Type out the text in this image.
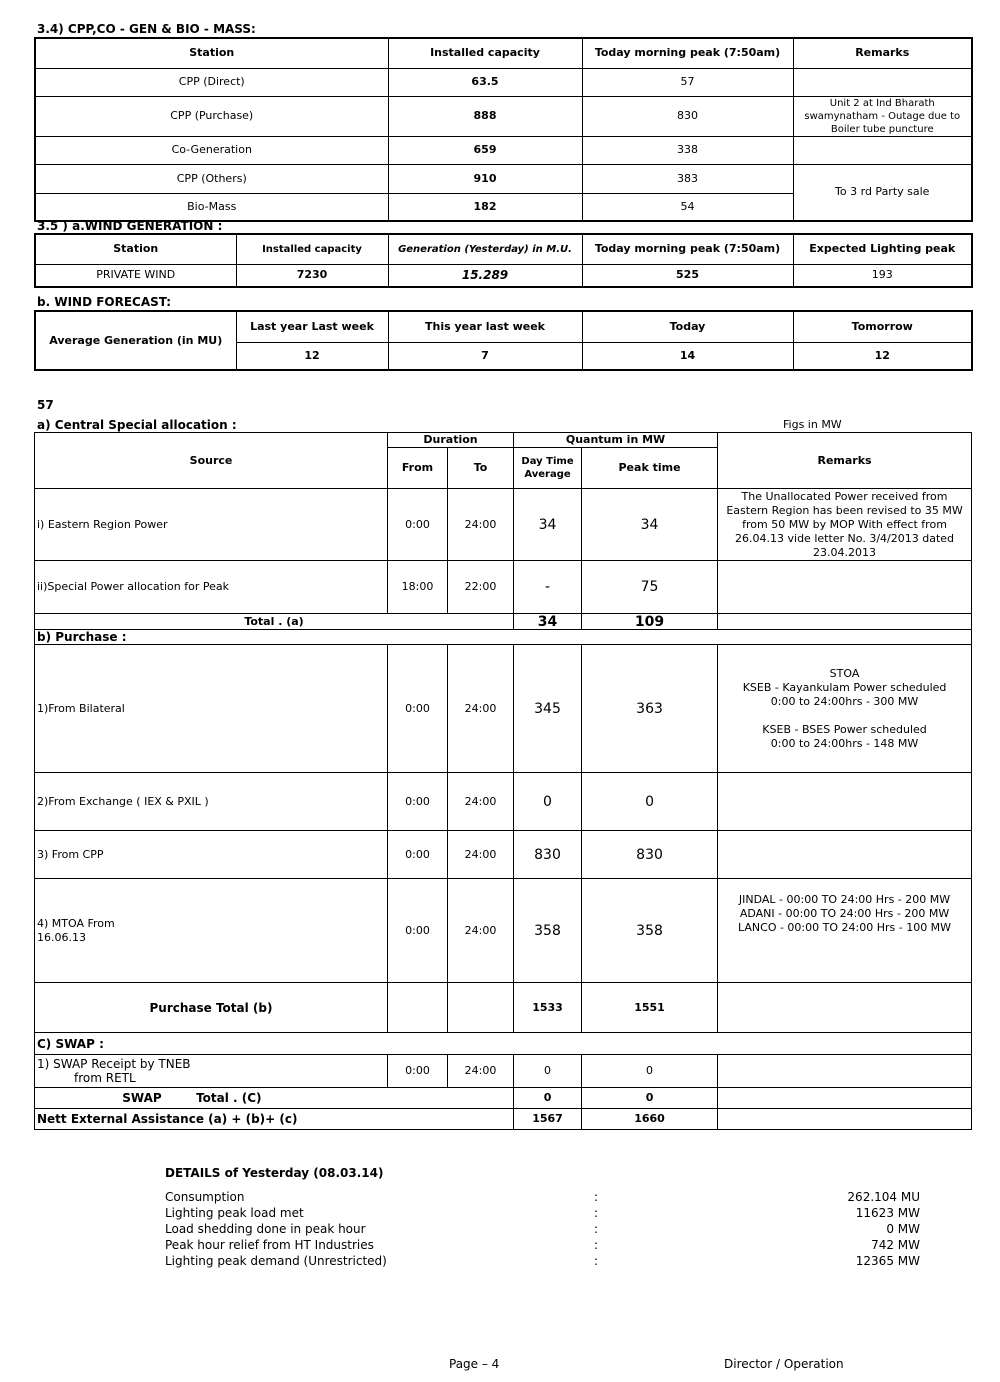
3.4) CPP,CO - GEN & BIO - MASS:
Station	Installed capacity	Today morning peak (7:50am)	Remarks
CPP (Direct)	63.5	57	
CPP (Purchase)	888	830	Unit 2 at Ind Bharath swamynatham - Outage due to Boiler tube puncture
Co-Generation	659	338	
CPP (Others)	910	383	To 3 rd Party sale
Bio-Mass	182	54	
3.5 ) a.WIND GENERATION :
Station	Installed capacity	Generation (Yesterday) in M.U.	Today morning peak (7:50am)	Expected Lighting peak
PRIVATE WIND	7230	15.289	525	193
b. WIND FORECAST:
Average Generation (in MU)	Last year Last week	This year last week	Today	Tomorrow
	12	7	14	12
57
a) Central Special allocation :	Figs in MW
Source	Duration		Quantum in MW		Remarks
	From	To	Day Time Average	Peak time	
i) Eastern Region Power	0:00	24:00	34	34	The Unallocated Power received from Eastern Region has been revised to 35 MW from 50 MW by MOP With effect from 26.04.13 vide letter No. 3/4/2013 dated 23.04.2013
ii)Special Power allocation for Peak	18:00	22:00	-	75	
Total . (a)			34	109	
b) Purchase :					
1)From Bilateral	0:00	24:00	345	363	STOA
KSEB - Kayankulam Power scheduled
0:00 to 24:00hrs - 300 MW
KSEB - BSES Power scheduled
0:00 to 24:00hrs - 148 MW

2)From Exchange ( IEX & PXIL )	0:00	24:00	0	0	
3) From CPP	0:00	24:00	830	830	
4) MTOA From 16.06.13	0:00	24:00	358	358	JINDAL - 00:00 TO 24:00 Hrs - 200 MW
ADANI - 00:00 TO 24:00 Hrs - 200 MW
LANCO - 00:00 TO 24:00 Hrs - 100 MW

Purchase Total (b)			1533	1551	
C) SWAP :					

1) SWAP Receipt by TNEB
from RETL	0:00	24:00	0	0	
SWAP Total . (C)			0	0	
Nett External Assistance (a) + (b)+ (c)			1567	1660	
DETAILS of Yesterday (08.03.14)
Consumption	:	262.104 MU
Lighting peak load met	:	11623 MW
Load shedding done in peak hour	:	0 MW
Peak hour relief from HT Industries	:	742 MW
Lighting peak demand (Unrestricted)	:	12365 MW
Page – 4	Director / Operation
